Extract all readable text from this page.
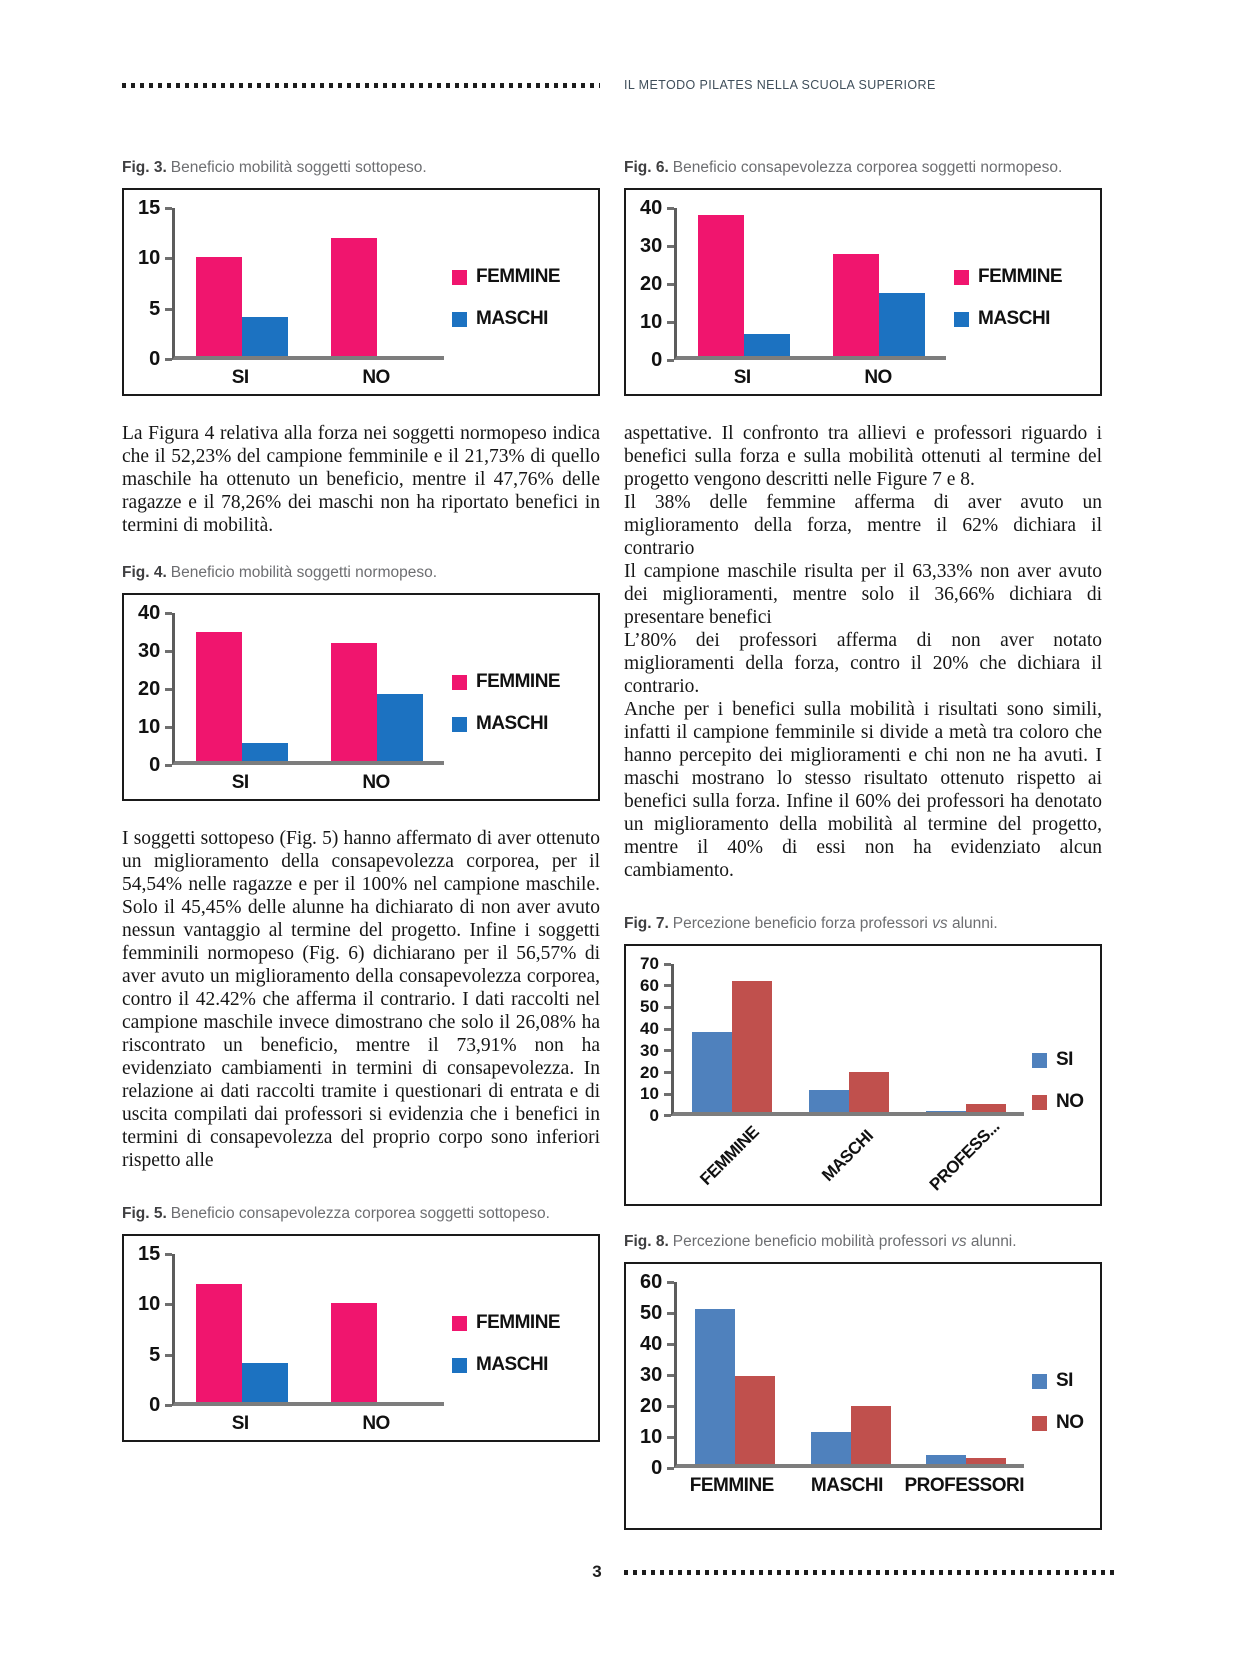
IL METODO PILATES NELLA SCUOLA SUPERIORE
Fig. 3. Beneficio mobilità soggetti sottopeso.
15
10
5
0
SI	NO
FEMMINE
MASCHI

La Figura 4 relativa alla forza nei soggetti normopeso indica che il 52,23% del campione femminile e il 21,73% di quello maschile ha ottenuto un beneficio, mentre il 47,76% delle ragazze e il 78,26% dei maschi non ha riportato benefici in termini di mobilità.

Fig. 4. Beneficio mobilità soggetti normopeso.
40
30
20
10
0
SI	NO
FEMMINE
MASCHI

I soggetti sottopeso (Fig. 5) hanno affermato di aver ottenuto un miglioramento della consapevolezza corporea, per il 54,54% nelle ragazze e per il 100% nel campione maschile. Solo il 45,45% delle alunne ha dichiarato di non aver avuto nessun vantaggio al termine del progetto. Infine i soggetti femminili normopeso (Fig. 6) dichiarano per il 56,57% di aver avuto un miglioramento della consapevolezza corporea, contro il 42.42% che afferma il contrario. I dati raccolti nel campione maschile invece dimostrano che solo il 26,08% ha riscontrato un beneficio, mentre il 73,91% non ha evidenziato cambiamenti in termini di consapevolezza. In relazione ai dati raccolti tramite i questionari di entrata e di uscita compilati dai professori si evidenzia che i benefici in termini di consapevolezza del proprio corpo sono inferiori rispetto alle

Fig. 5. Beneficio consapevolezza corporea soggetti sottopeso.
15
10
5
0
SI	NO
FEMMINE
MASCHI
Fig. 6. Beneficio consapevolezza corporea soggetti normopeso.
40
30
20
10
0
SI	NO
FEMMINE
MASCHI

aspettative. Il confronto tra allievi e professori riguardo i benefici sulla forza e sulla mobilità ottenuti al termine del progetto vengono descritti nelle Figure 7 e 8.

Il 38% delle femmine afferma di aver avuto un miglioramento della forza, mentre il 62% dichiara il contrario

Il campione maschile risulta per il 63,33% non aver avuto dei miglioramenti, mentre solo il 36,66% dichiara di presentare benefici

L’80% dei professori afferma di non aver notato miglioramenti della forza, contro il 20% che dichiara il contrario.

Anche per i benefici sulla mobilità i risultati sono simili, infatti il campione femminile si divide a metà tra coloro che hanno percepito dei miglioramenti e chi non ne ha avuti. I maschi mostrano lo stesso risultato ottenuto rispetto ai benefici sulla forza. Infine il 60% dei professori ha denotato un miglioramento della mobilità al termine del progetto, mentre il 40% di essi non ha evidenziato alcun cambiamento.

Fig. 7. Percezione beneficio forza professori vs alunni.
70
60
50
40
30
20
10
0
FEMMINE	MASCHI	PROFESS...
SI
NO
Fig. 8. Percezione beneficio mobilità professori vs alunni.
60
50
40
30
20
10
0
FEMMINE	MASCHI	PROFESSORI
SI
NO
3
